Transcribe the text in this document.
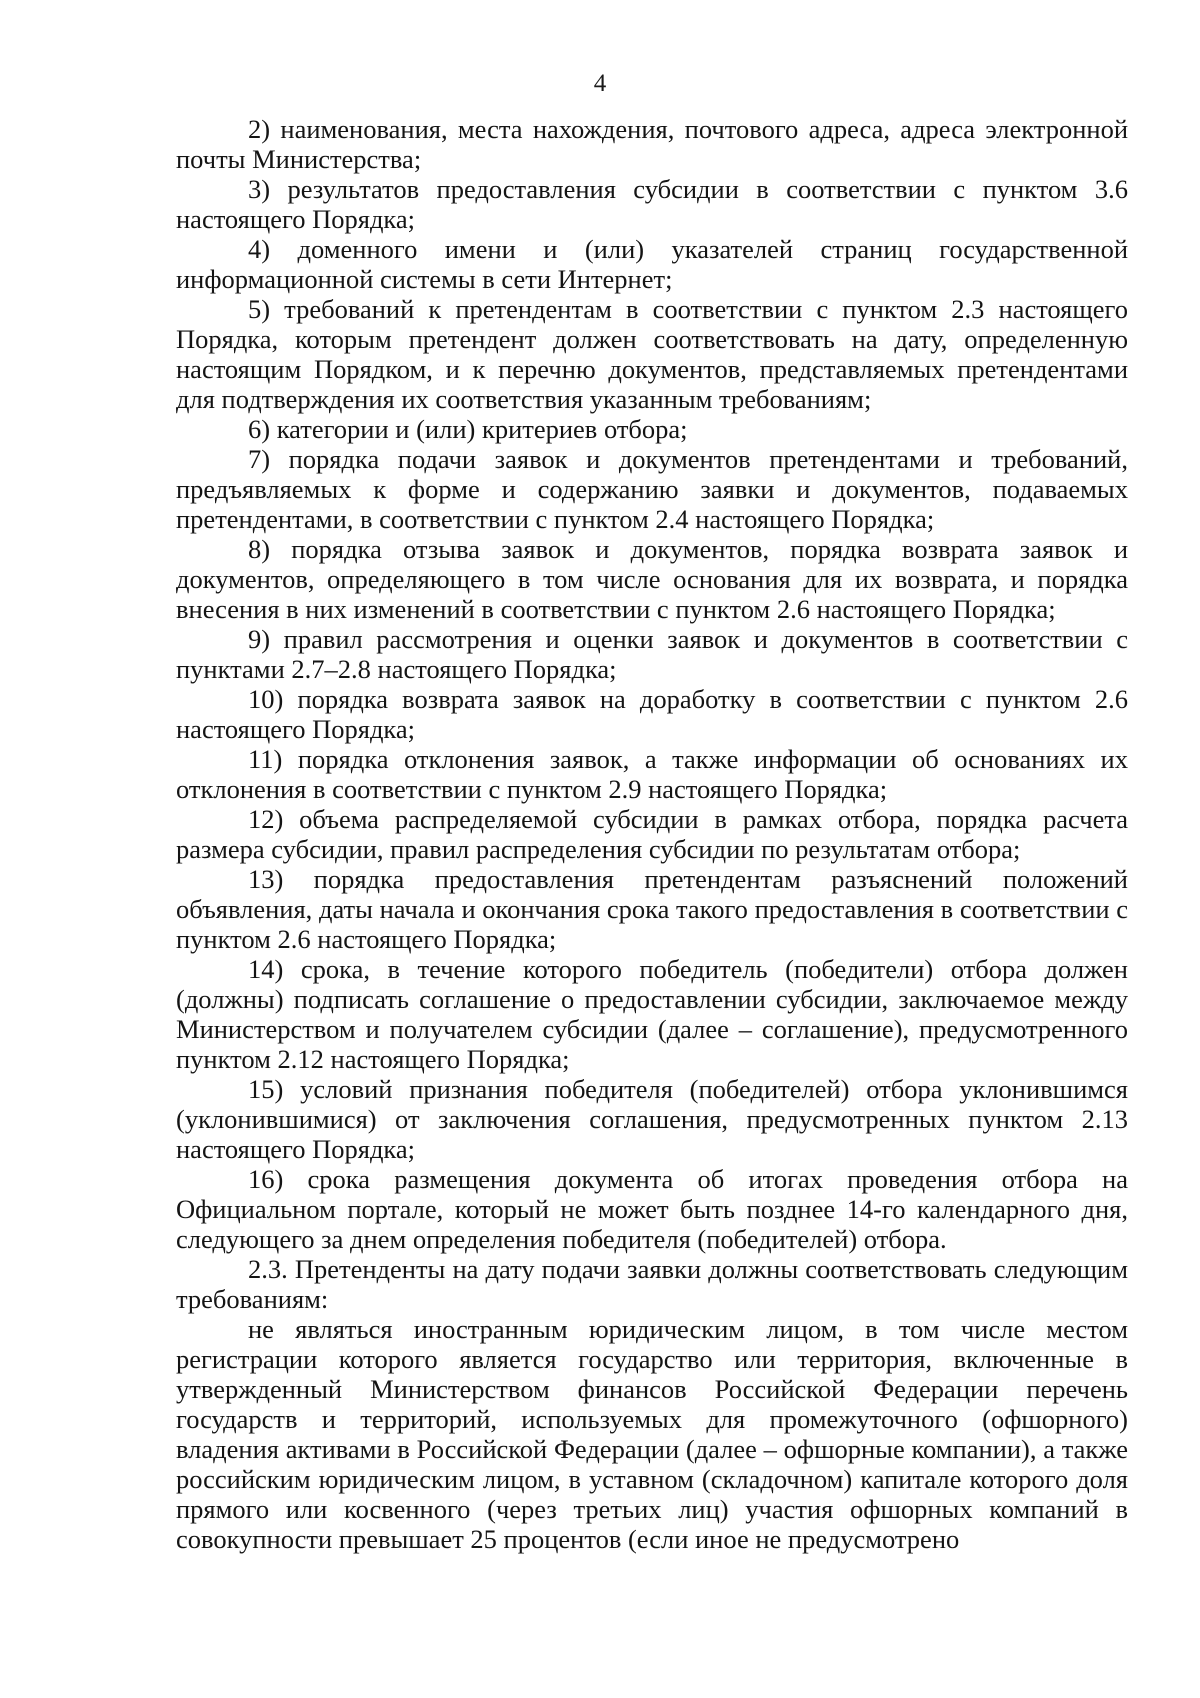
4

2) наименования, места нахождения, почтового адреса, адреса электронной почты Министерства;

3) результатов предоставления субсидии в соответствии с пунктом 3.6 настоящего Порядка;

4) доменного имени и (или) указателей страниц государственной информационной системы в сети Интернет;

5) требований к претендентам в соответствии с пунктом 2.3 настоящего Порядка, которым претендент должен соответствовать на дату, определенную настоящим Порядком, и к перечню документов, представляемых претендентами для подтверждения их соответствия указанным требованиям;

6) категории и (или) критериев отбора;

7) порядка подачи заявок и документов претендентами и требований, предъявляемых к форме и содержанию заявки и документов, подаваемых претендентами, в соответствии с пунктом 2.4 настоящего Порядка;

8) порядка отзыва заявок и документов, порядка возврата заявок и документов, определяющего в том числе основания для их возврата, и порядка внесения в них изменений в соответствии с пунктом 2.6 настоящего Порядка;

9) правил рассмотрения и оценки заявок и документов в соответствии с пунктами 2.7–2.8 настоящего Порядка;

10) порядка возврата заявок на доработку в соответствии с пунктом 2.6 настоящего Порядка;

11) порядка отклонения заявок, а также информации об основаниях их отклонения в соответствии с пунктом 2.9 настоящего Порядка;

12) объема распределяемой субсидии в рамках отбора, порядка расчета размера субсидии, правил распределения субсидии по результатам отбора;

13) порядка предоставления претендентам разъяснений положений объявления, даты начала и окончания срока такого предоставления в соответствии с пунктом 2.6 настоящего Порядка;

14) срока, в течение которого победитель (победители) отбора должен (должны) подписать соглашение о предоставлении субсидии, заключаемое между Министерством и получателем субсидии (далее – соглашение), предусмотренного пунктом 2.12 настоящего Порядка;

15) условий признания победителя (победителей) отбора уклонившимся (уклонившимися) от заключения соглашения, предусмотренных пунктом 2.13 настоящего Порядка;

16) срока размещения документа об итогах проведения отбора на Официальном портале, который не может быть позднее 14-го календарного дня, следующего за днем определения победителя (победителей) отбора.

2.3. Претенденты на дату подачи заявки должны соответствовать следующим требованиям:

не являться иностранным юридическим лицом, в том числе местом регистрации которого является государство или территория, включенные в утвержденный Министерством финансов Российской Федерации перечень государств и территорий, используемых для промежуточного (офшорного) владения активами в Российской Федерации (далее – офшорные компании), а также российским юридическим лицом, в уставном (складочном) капитале которого доля прямого или косвенного (через третьих лиц) участия офшорных компаний в совокупности превышает 25 процентов (если иное не предусмотрено
